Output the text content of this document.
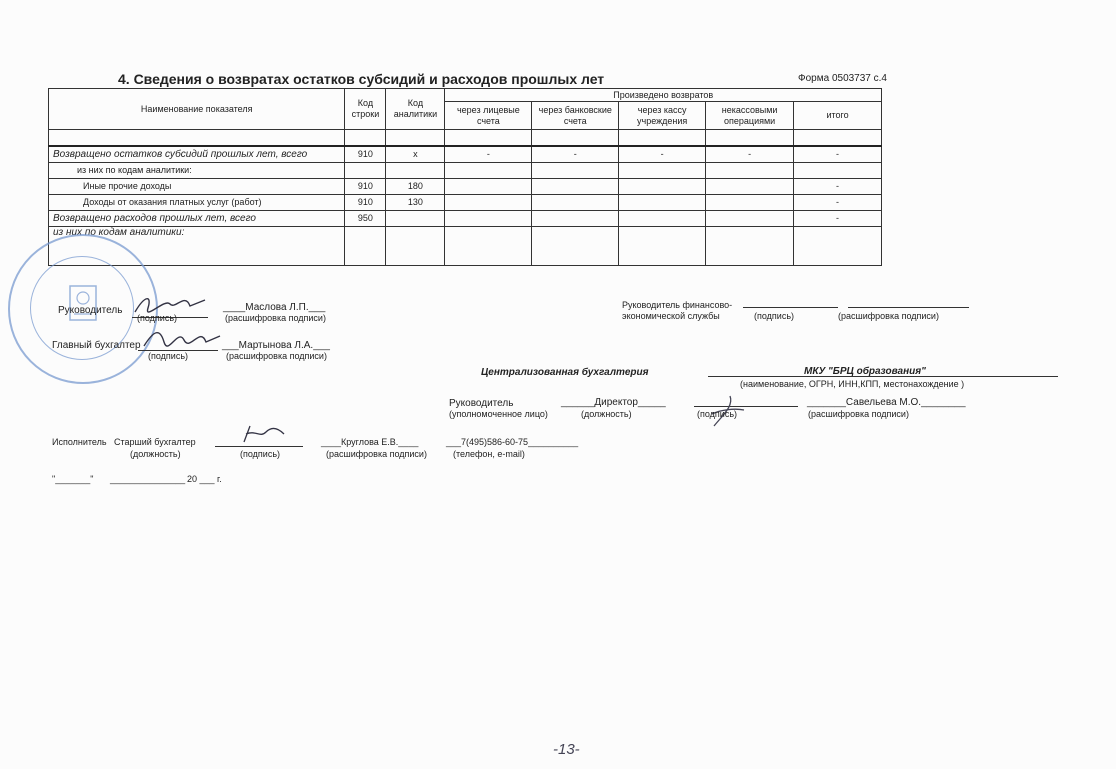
4. Сведения о возвратах остатков субсидий и расходов прошлых лет	Форма 0503737 с.4
Наименование показателя	Код строки	Код аналитики	Произведено возвратов				
			через лицевые счета	через банковские счета	через кассу учреждения	некассовыми операциями	итого

Возвращено остатков субсидий прошлых лет, всего	910	х	-	-	-	-	-
из них по кодам аналитики:							
Иные прочие доходы	910	180					-
Доходы от оказания платных услуг (работ)	910	130					-
Возвращено расходов прошлых лет, всего	950						-
из них по кодам аналитики:							
Руководитель
(подпись)
____Маслова Л.П.___
(расшифровка подписи)
Главный бухгалтер
(подпись)
___Мартынова Л.А.___
(расшифровка подписи)
Руководитель финансово-
экономической службы	(подпись)	(расшифровка подписи)
Централизованная бухгалтерия	МКУ "БРЦ образования"
(наименование, ОГРН, ИНН,КПП, местонахождение )
Руководитель
(уполномоченное лицо)
______Директор_____
(должность)	(подпись)
_______Савельева М.О.________
(расшифровка подписи)
Исполнитель Старший бухгалтер
(должность)	(подпись)
____Круглова Е.В.____
(расшифровка подписи)
___7(495)586-60-75__________
(телефон, e-mail)
"_______" _______________ 20 ___ г.
-13-
